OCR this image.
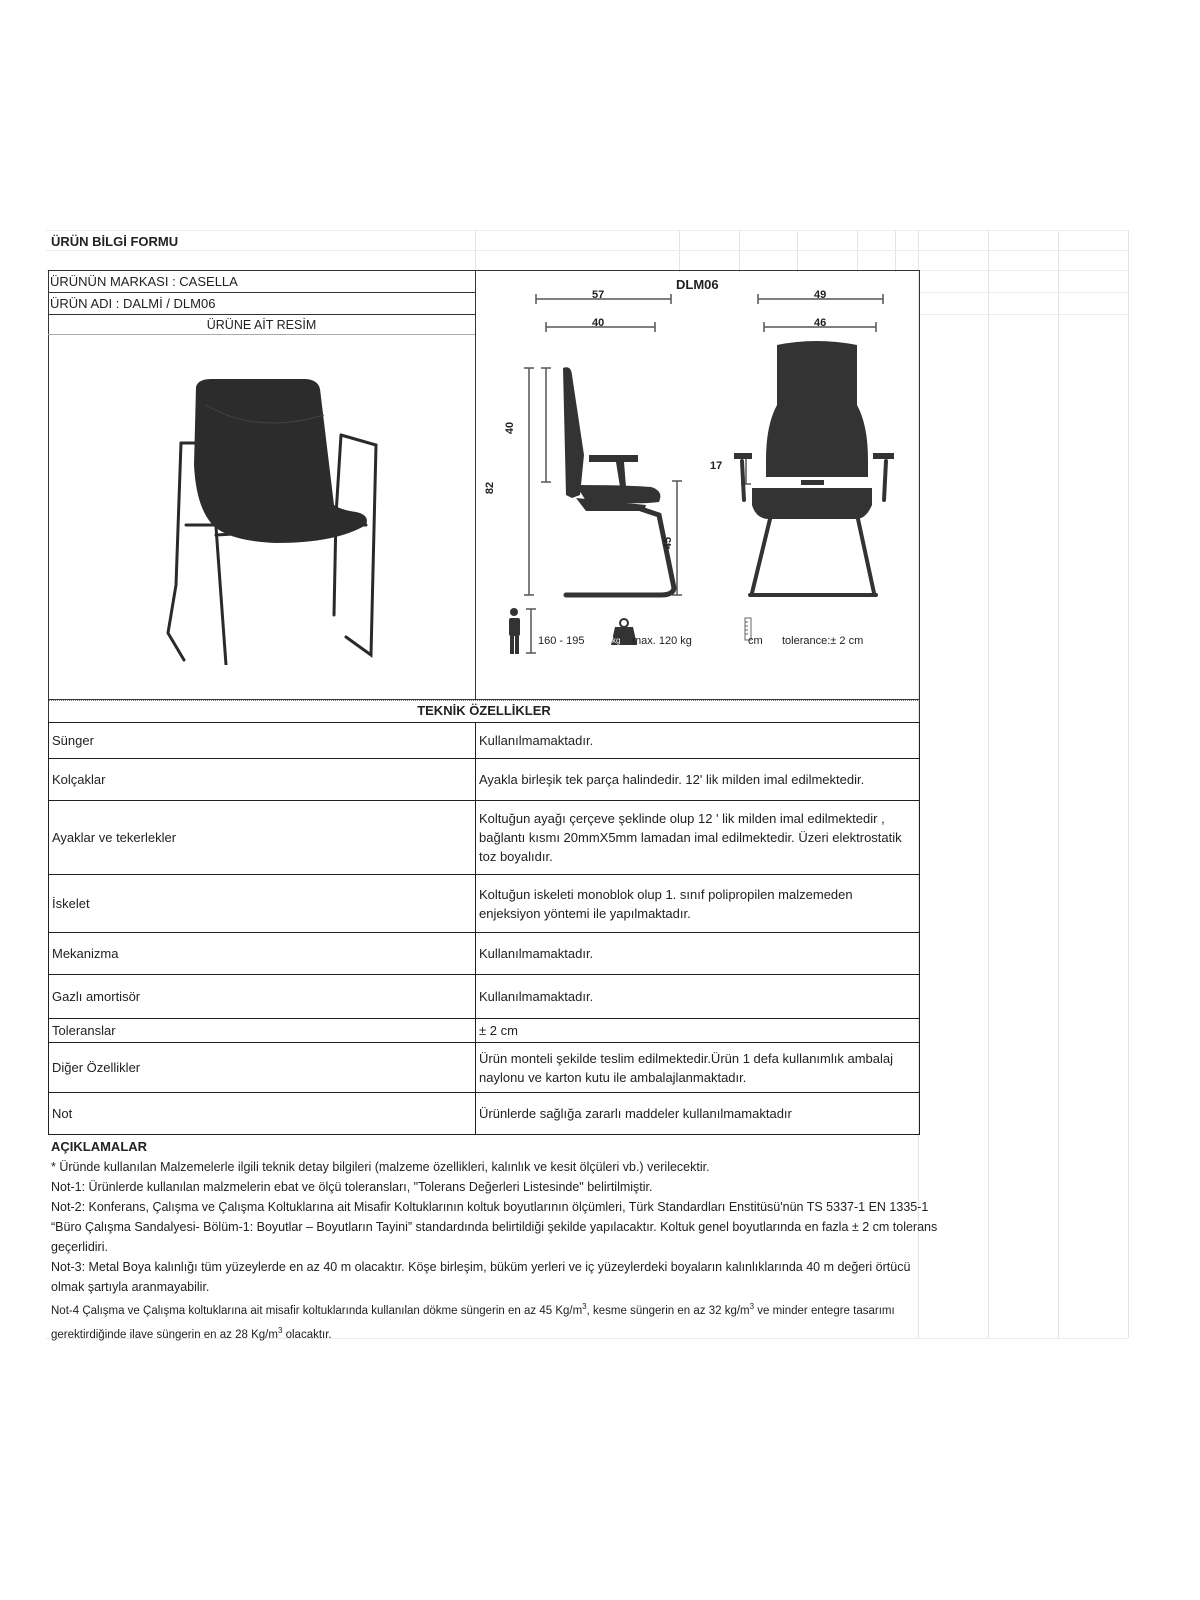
ÜRÜN BİLGİ FORMU
ÜRÜNÜN MARKASI : CASELLA
ÜRÜN ADI : DALMİ / DLM06
ÜRÜNE AİT RESİM
DLM06
57
40
49
46
82
40
45
17
160 - 195	kg max. 120 kg	cm tolerance:± 2 cm
TEKNİK ÖZELLİKLER
Sünger	Kullanılmamaktadır.
Kolçaklar	Ayakla birleşik tek parça halindedir. 12' lik milden imal edilmektedir.
Ayaklar ve tekerlekler	Koltuğun ayağı çerçeve şeklinde olup 12 ' lik milden imal edilmektedir , bağlantı kısmı 20mmX5mm lamadan imal edilmektedir. Üzeri elektrostatik toz boyalıdır.
İskelet	Koltuğun iskeleti monoblok olup 1. sınıf polipropilen malzemeden enjeksiyon yöntemi ile yapılmaktadır.
Mekanizma	Kullanılmamaktadır.
Gazlı amortisör	Kullanılmamaktadır.
Toleranslar	± 2 cm
Diğer Özellikler	Ürün monteli şekilde teslim edilmektedir.Ürün 1 defa kullanımlık ambalaj naylonu ve karton kutu ile ambalajlanmaktadır.
Not	Ürünlerde sağlığa zararlı maddeler kullanılmamaktadır
AÇIKLAMALAR
* Üründe kullanılan Malzemelerle ilgili teknik detay bilgileri (malzeme özellikleri, kalınlık ve kesit ölçüleri vb.) verilecektir.
Not-1: Ürünlerde kullanılan malzmelerin ebat ve ölçü toleransları, "Tolerans Değerleri Listesinde" belirtilmiştir.
Not-2: Konferans, Çalışma ve Çalışma Koltuklarına ait Misafir Koltuklarının koltuk boyutlarının ölçümleri, Türk Standardları Enstitüsü'nün TS 5337-1 EN 1335-1 “Büro Çalışma Sandalyesi- Bölüm-1: Boyutlar – Boyutların Tayini” standardında belirtildiği şekilde yapılacaktır. Koltuk genel boyutlarında en fazla ± 2 cm tolerans geçerlidiri.
Not-3: Metal Boya kalınlığı tüm yüzeylerde en az 40 m olacaktır. Köşe birleşim, büküm yerleri ve iç yüzeylerdeki boyaların kalınlıklarında 40 m değeri örtücü olmak şartıyla aranmayabilir.
Not-4 Çalışma ve Çalışma koltuklarına ait misafir koltuklarında kullanılan dökme süngerin en az 45 $Kg/m^3$, kesme süngerin en az 32 $kg/m^3$ ve minder entegre tasarımı gerektirdiğinde ilave süngerin en az 28 $Kg/m^3$ olacaktır.
